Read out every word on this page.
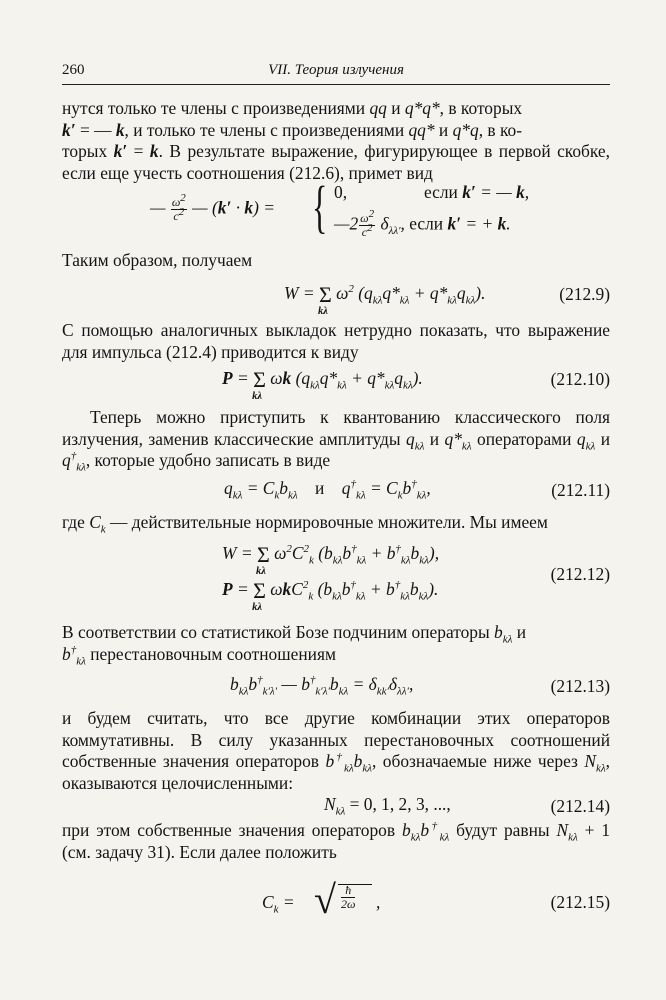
260	VII. Теория излучения

нутся только те члены с произведениями qq и q*q*, в которых
k′ = — k, и только те члены с произведениями qq* и q*q, в ко-
торых k′ = k. В результате выражение, фигурирующее в первой скобке, если еще учесть соотношения (212.6), примет вид

— $\frac{\omega^2}{c^2}$ — (k′ · k) = { 0,	если k′ = — k,
—2 $\frac{\omega^2}{c^2} \delta_{\lambda\lambda'}$, если k′ = + k.

Таким образом, получаем

W = Σ
kλ
$\omega^2$ $(q_{k\lambda}q*_{k\lambda} + q*_{k\lambda}q_{k\lambda})$.	(212.9)

С помощью аналогичных выкладок нетрудно показать, что выражение для импульса (212.4) приводится к виду

P = Σ
kλ
ωk $(q_{k\lambda}q*_{k\lambda} + q*_{k\lambda}q_{k\lambda})$.	(212.10)

Теперь можно приступить к квантованию классического поля излучения, заменив классические амплитуды $q_{k\lambda}$ и $q*_{k\lambda}$ операторами $q_{k\lambda}$ и $q^\dagger_{k\lambda}$, которые удобно записать в виде

$q_{k\lambda} = C_kb_{k\lambda}$ и $q^\dagger_{k\lambda} = C_kb^\dagger_{k\lambda}$,	(212.11)

где $C_k$ — действительные нормировочные множители. Мы имеем

W = Σ
kλ
$\omega^2C^2_k$ $(b_{k\lambda}b^\dagger_{k\lambda} + b^\dagger_{k\lambda}b_{k\lambda})$,
P = Σ
kλ
ωkC$^2_k$ $(b_{k\lambda}b^\dagger_{k\lambda} + b^\dagger_{k\lambda}b_{k\lambda})$.
(212.12)

В соответствии со статистикой Бозе подчиним операторы $b_{k\lambda}$ и
$b^\dagger_{k\lambda}$ перестановочным соотношениям

$b_{k\lambda}b^\dagger_{k'\lambda'}$ — $b^\dagger_{k'\lambda'}b_{k\lambda} = \delta_{kk'}\delta_{\lambda\lambda'}$,	(212.13)

и будем считать, что все другие комбинации этих операторов коммутативны. В силу указанных перестановочных соотношений собственные значения операторов $b^\dagger_{k\lambda}b_{k\lambda}$, обозначаемые ниже через $N_{k\lambda}$, оказываются целочисленными:

$N_{k\lambda} = 0$, 1, 2, 3, ...,	(212.14)

при этом собственные значения операторов $b_{k\lambda}b^\dagger_{k\lambda}$ будут равны $N_{k\lambda} + 1$ (см. задачу 31). Если далее положить

$C_k$ = √ $\frac{ħ}{2\omega}$ ,	(212.15)
